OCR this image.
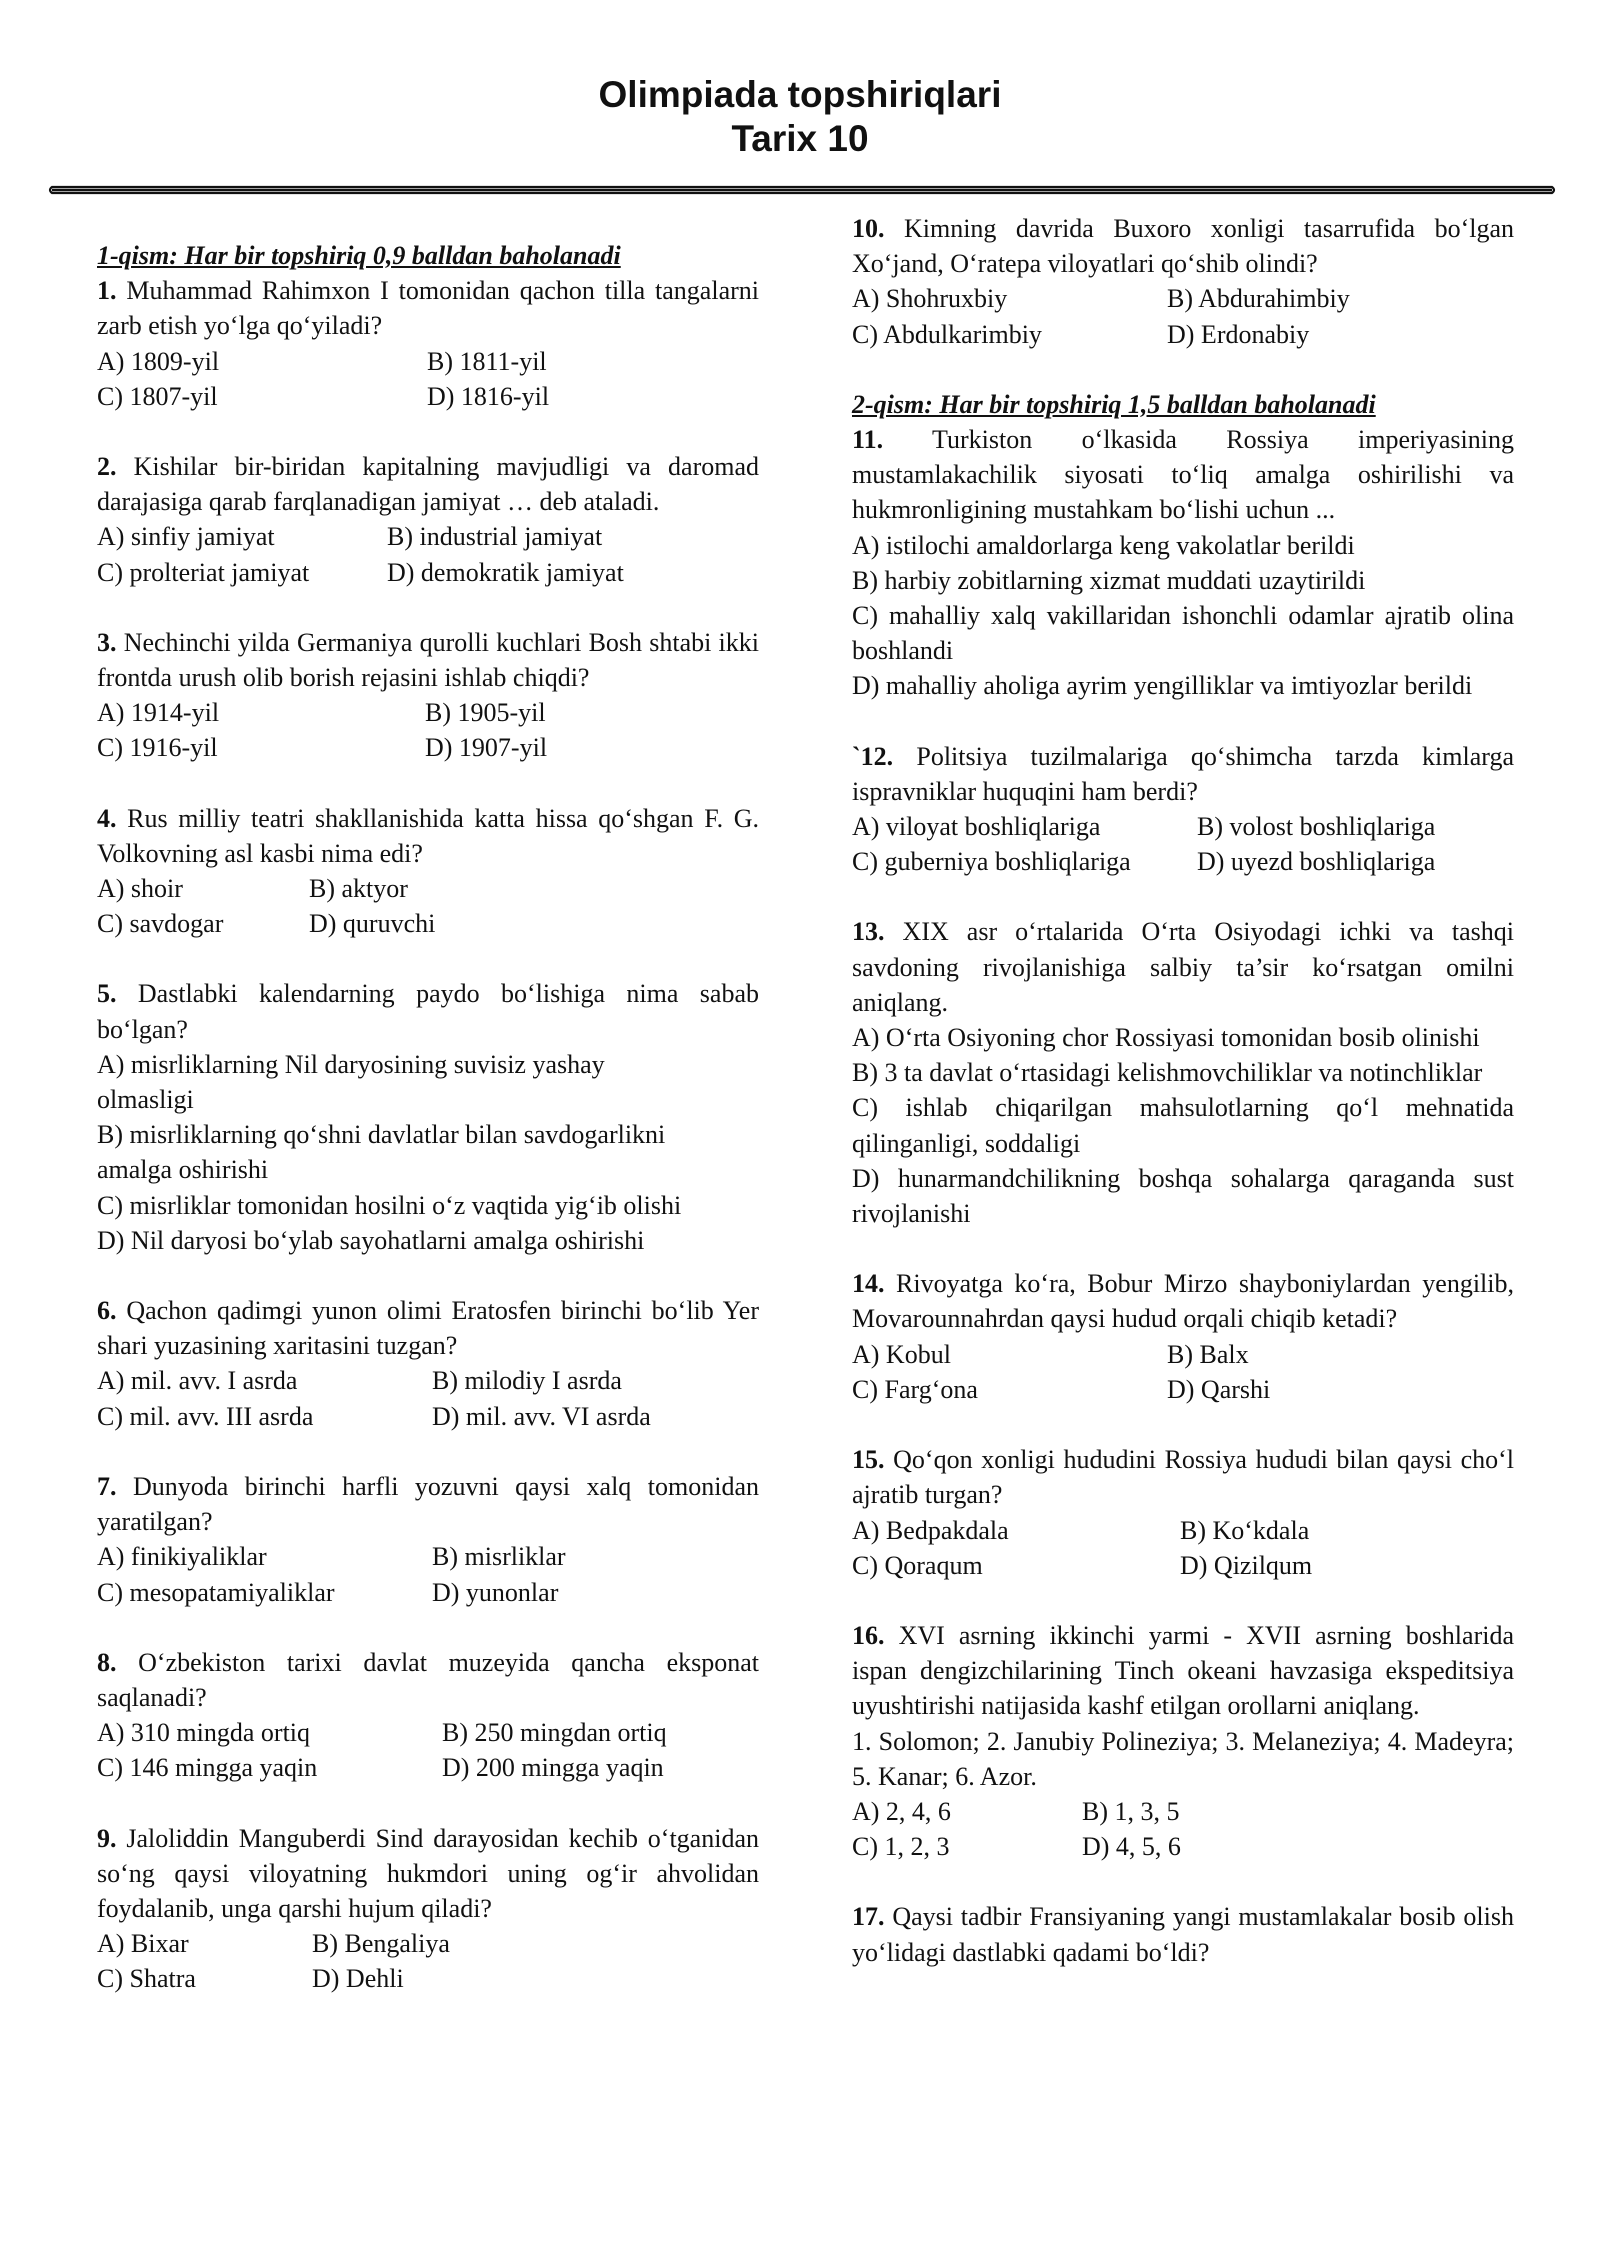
Olimpiada topshiriqlari
Tarix 10

1-qism: Har bir topshiriq 0,9 balldan baholanadi

1. Muhammad Rahimxon I tomonidan qachon tilla tangalarni zarb etish yo‘lga qo‘yiladi?

A) 1809-yil	B) 1811-yil
C) 1807-yil	D) 1816-yil

2. Kishilar bir-biridan kapitalning mavjudligi va daromad darajasiga qarab farqlanadigan jamiyat … deb ataladi.

A) sinfiy jamiyat	B) industrial jamiyat
C) prolteriat jamiyat	D) demokratik jamiyat

3. Nechinchi yilda Germaniya qurolli kuchlari Bosh shtabi ikki frontda urush olib borish rejasini ishlab chiqdi?

A) 1914-yil	B) 1905-yil
C) 1916-yil	D) 1907-yil

4. Rus milliy teatri shakllanishida katta hissa qo‘shgan F. G. Volkovning asl kasbi nima edi?

A) shoir	B) aktyor
C) savdogar	D) quruvchi

5. Dastlabki kalendarning paydo bo‘lishiga nima sabab bo‘lgan?

A) misrliklarning Nil daryosining suvisiz yashay olmasligi

B) misrliklarning qo‘shni davlatlar bilan savdogarlikni amalga oshirishi

C) misrliklar tomonidan hosilni o‘z vaqtida yig‘ib olishi

D) Nil daryosi bo‘ylab sayohatlarni amalga oshirishi

6. Qachon qadimgi yunon olimi Eratosfen birinchi bo‘lib Yer shari yuzasining xaritasini tuzgan?

A) mil. avv. I asrda	B) milodiy I asrda
C) mil. avv. III asrda	D) mil. avv. VI asrda

7. Dunyoda birinchi harfli yozuvni qaysi xalq tomonidan yaratilgan?

A) finikiyaliklar	B) misrliklar
C) mesopatamiyaliklar	D) yunonlar

8. O‘zbekiston tarixi davlat muzeyida qancha eksponat saqlanadi?

A) 310 mingda ortiq	B) 250 mingdan ortiq
C) 146 mingga yaqin	D) 200 mingga yaqin

9. Jaloliddin Manguberdi Sind darayosidan kechib o‘tganidan so‘ng qaysi viloyatning hukmdori uning og‘ir ahvolidan foydalanib, unga qarshi hujum qiladi?

A) Bixar	B) Bengaliya
C) Shatra	D) Dehli

10. Kimning davrida Buxoro xonligi tasarrufida bo‘lgan Xo‘jand, O‘ratepa viloyatlari qo‘shib olindi?

A) Shohruxbiy	B) Abdurahimbiy
C) Abdulkarimbiy	D) Erdonabiy

2-qism: Har bir topshiriq 1,5 balldan baholanadi

11. Turkiston o‘lkasida Rossiya imperiyasining mustamlakachilik siyosati to‘liq amalga oshirilishi va hukmronligining mustahkam bo‘lishi uchun ...

A) istilochi amaldorlarga keng vakolatlar berildi

B) harbiy zobitlarning xizmat muddati uzaytirildi

C) mahalliy xalq vakillaridan ishonchli odamlar ajratib olina boshlandi

D) mahalliy aholiga ayrim yengilliklar va imtiyozlar berildi

`12. Politsiya tuzilmalariga qo‘shimcha tarzda kimlarga ispravniklar huquqini ham berdi?

A) viloyat boshliqlariga	B) volost boshliqlariga
C) guberniya boshliqlariga	D) uyezd boshliqlariga

13. XIX asr o‘rtalarida O‘rta Osiyodagi ichki va tashqi savdoning rivojlanishiga salbiy ta’sir ko‘rsatgan omilni aniqlang.

A) O‘rta Osiyoning chor Rossiyasi tomonidan bosib olinishi

B) 3 ta davlat o‘rtasidagi kelishmovchiliklar va notinchliklar

C) ishlab chiqarilgan mahsulotlarning qo‘l mehnatida qilinganligi, soddaligi

D) hunarmandchilikning boshqa sohalarga qaraganda sust rivojlanishi

14. Rivoyatga ko‘ra, Bobur Mirzo shayboniylardan yengilib, Movarounnahrdan qaysi hudud orqali chiqib ketadi?

A) Kobul	B) Balx
C) Farg‘ona	D) Qarshi

15. Qo‘qon xonligi hududini Rossiya hududi bilan qaysi cho‘l ajratib turgan?

A) Bedpakdala	B) Ko‘kdala
C) Qoraqum	D) Qizilqum

16. XVI asrning ikkinchi yarmi - XVII asrning boshlarida ispan dengizchilarining Tinch okeani havzasiga ekspeditsiya uyushtirishi natijasida kashf etilgan orollarni aniqlang.

1. Solomon; 2. Janubiy Polineziya; 3. Melaneziya; 4. Madeyra; 5. Kanar; 6. Azor.

A) 2, 4, 6	B) 1, 3, 5
C) 1, 2, 3	D) 4, 5, 6

17. Qaysi tadbir Fransiyaning yangi mustamlakalar bosib olish yo‘lidagi dastlabki qadami bo‘ldi?
